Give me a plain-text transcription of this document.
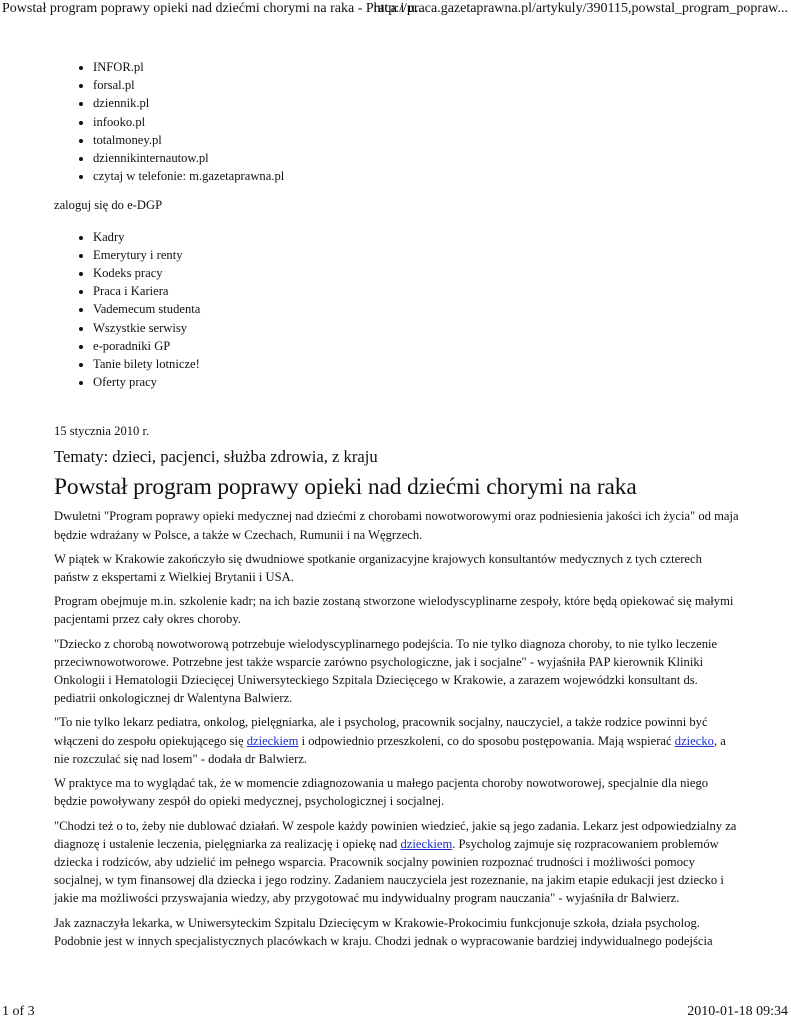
Powstał program poprawy opieki nad dziećmi chorymi na raka - Praca i u...
http://praca.gazetaprawna.pl/artykuly/390115,powstal_program_popraw...
• INFOR.pl
• forsal.pl
• dziennik.pl
• infooko.pl
• totalmoney.pl
• dziennikinternautow.pl
• czytaj w telefonie: m.gazetaprawna.pl
zaloguj się do e-DGP
• Kadry
• Emerytury i renty
• Kodeks pracy
• Praca i Kariera
• Vademecum studenta
• Wszystkie serwisy
• e-poradniki GP
• Tanie bilety lotnicze!
• Oferty pracy
15 stycznia 2010 r.
Tematy: dzieci, pacjenci, służba zdrowia, z kraju
Powstał program poprawy opieki nad dziećmi chorymi na raka

Dwuletni "Program poprawy opieki medycznej nad dziećmi z chorobami nowotworowymi oraz podniesienia jakości ich życia" od maja będzie wdrażany w Polsce, a także w Czechach, Rumunii i na Węgrzech.

W piątek w Krakowie zakończyło się dwudniowe spotkanie organizacyjne krajowych konsultantów medycznych z tych czterech państw z ekspertami z Wielkiej Brytanii i USA.

Program obejmuje m.in. szkolenie kadr; na ich bazie zostaną stworzone wielodyscyplinarne zespoły, które będą opiekować się małymi pacjentami przez cały okres choroby.

"Dziecko z chorobą nowotworową potrzebuje wielodyscyplinarnego podejścia. To nie tylko diagnoza choroby, to nie tylko leczenie przeciwnowotworowe. Potrzebne jest także wsparcie zarówno psychologiczne, jak i socjalne" - wyjaśniła PAP kierownik Kliniki Onkologii i Hematologii Dziecięcej Uniwersyteckiego Szpitala Dziecięcego w Krakowie, a zarazem wojewódzki konsultant ds. pediatrii onkologicznej dr Walentyna Balwierz.

"To nie tylko lekarz pediatra, onkolog, pielęgniarka, ale i psycholog, pracownik socjalny, nauczyciel, a także rodzice powinni być włączeni do zespołu opiekującego się dzieckiem i odpowiednio przeszkoleni, co do sposobu postępowania. Mają wspierać dziecko, a nie rozczulać się nad losem" - dodała dr Balwierz.

W praktyce ma to wyglądać tak, że w momencie zdiagnozowania u małego pacjenta choroby nowotworowej, specjalnie dla niego będzie powoływany zespół do opieki medycznej, psychologicznej i socjalnej.

"Chodzi też o to, żeby nie dublować działań. W zespole każdy powinien wiedzieć, jakie są jego zadania. Lekarz jest odpowiedzialny za diagnozę i ustalenie leczenia, pielęgniarka za realizację i opiekę nad dzieckiem. Psycholog zajmuje się rozpracowaniem problemów dziecka i rodziców, aby udzielić im pełnego wsparcia. Pracownik socjalny powinien rozpoznać trudności i możliwości pomocy socjalnej, w tym finansowej dla dziecka i jego rodziny. Zadaniem nauczyciela jest rozeznanie, na jakim etapie edukacji jest dziecko i jakie ma możliwości przyswajania wiedzy, aby przygotować mu indywidualny program nauczania" - wyjaśniła dr Balwierz.

Jak zaznaczyła lekarka, w Uniwersyteckim Szpitalu Dziecięcym w Krakowie-Prokocimiu funkcjonuje szkoła, działa psycholog. Podobnie jest w innych specjalistycznych placówkach w kraju. Chodzi jednak o wypracowanie bardziej indywidualnego podejścia

1 of 3	2010-01-18 09:34
